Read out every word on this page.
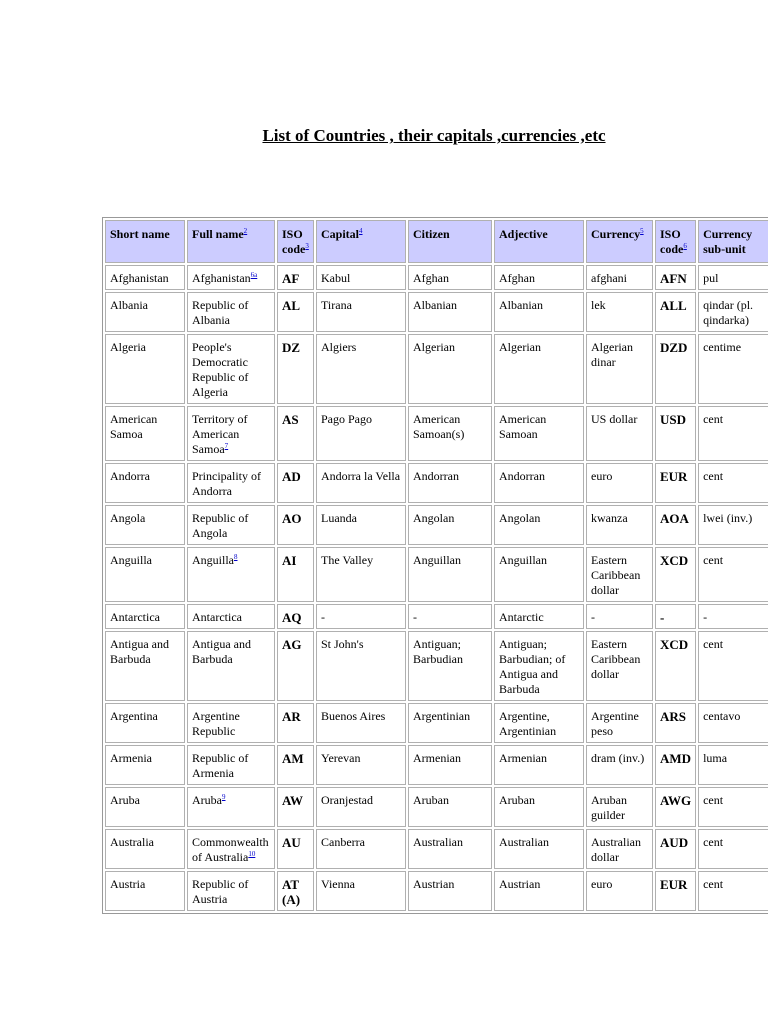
List of Countries , their capitals ,currencies ,etc
Short name	Full name$^2$	ISO code$^3$	Capital$^4$	Citizen	Adjective	Currency$^5$	ISO code$^6$	Currency sub-unit
Afghanistan	Afghanistan$^{6a}$	AF	Kabul	Afghan	Afghan	afghani	AFN	pul
Albania	Republic of Albania	AL	Tirana	Albanian	Albanian	lek	ALL	qindar (pl. qindarka)
Algeria	People's Democratic Republic of Algeria	DZ	Algiers	Algerian	Algerian	Algerian dinar	DZD	centime
American Samoa	Territory of American Samoa$^7$	AS	Pago Pago	American Samoan(s)	American Samoan	US dollar	USD	cent
Andorra	Principality of Andorra	AD	Andorra la Vella	Andorran	Andorran	euro	EUR	cent
Angola	Republic of Angola	AO	Luanda	Angolan	Angolan	kwanza	AOA	lwei (inv.)
Anguilla	Anguilla$^8$	AI	The Valley	Anguillan	Anguillan	Eastern Caribbean dollar	XCD	cent
Antarctica	Antarctica	AQ	-	-	Antarctic	-	-	-
Antigua and Barbuda	Antigua and Barbuda	AG	St John's	Antiguan; Barbudian	Antiguan; Barbudian; of Antigua and Barbuda	Eastern Caribbean dollar	XCD	cent
Argentina	Argentine Republic	AR	Buenos Aires	Argentinian	Argentine, Argentinian	Argentine peso	ARS	centavo
Armenia	Republic of Armenia	AM	Yerevan	Armenian	Armenian	dram (inv.)	AMD	luma
Aruba	Aruba$^9$	AW	Oranjestad	Aruban	Aruban	Aruban guilder	AWG	cent
Australia	Commonwealth of Australia$^{10}$	AU	Canberra	Australian	Australian	Australian dollar	AUD	cent
Austria	Republic of Austria	AT (A)	Vienna	Austrian	Austrian	euro	EUR	cent
